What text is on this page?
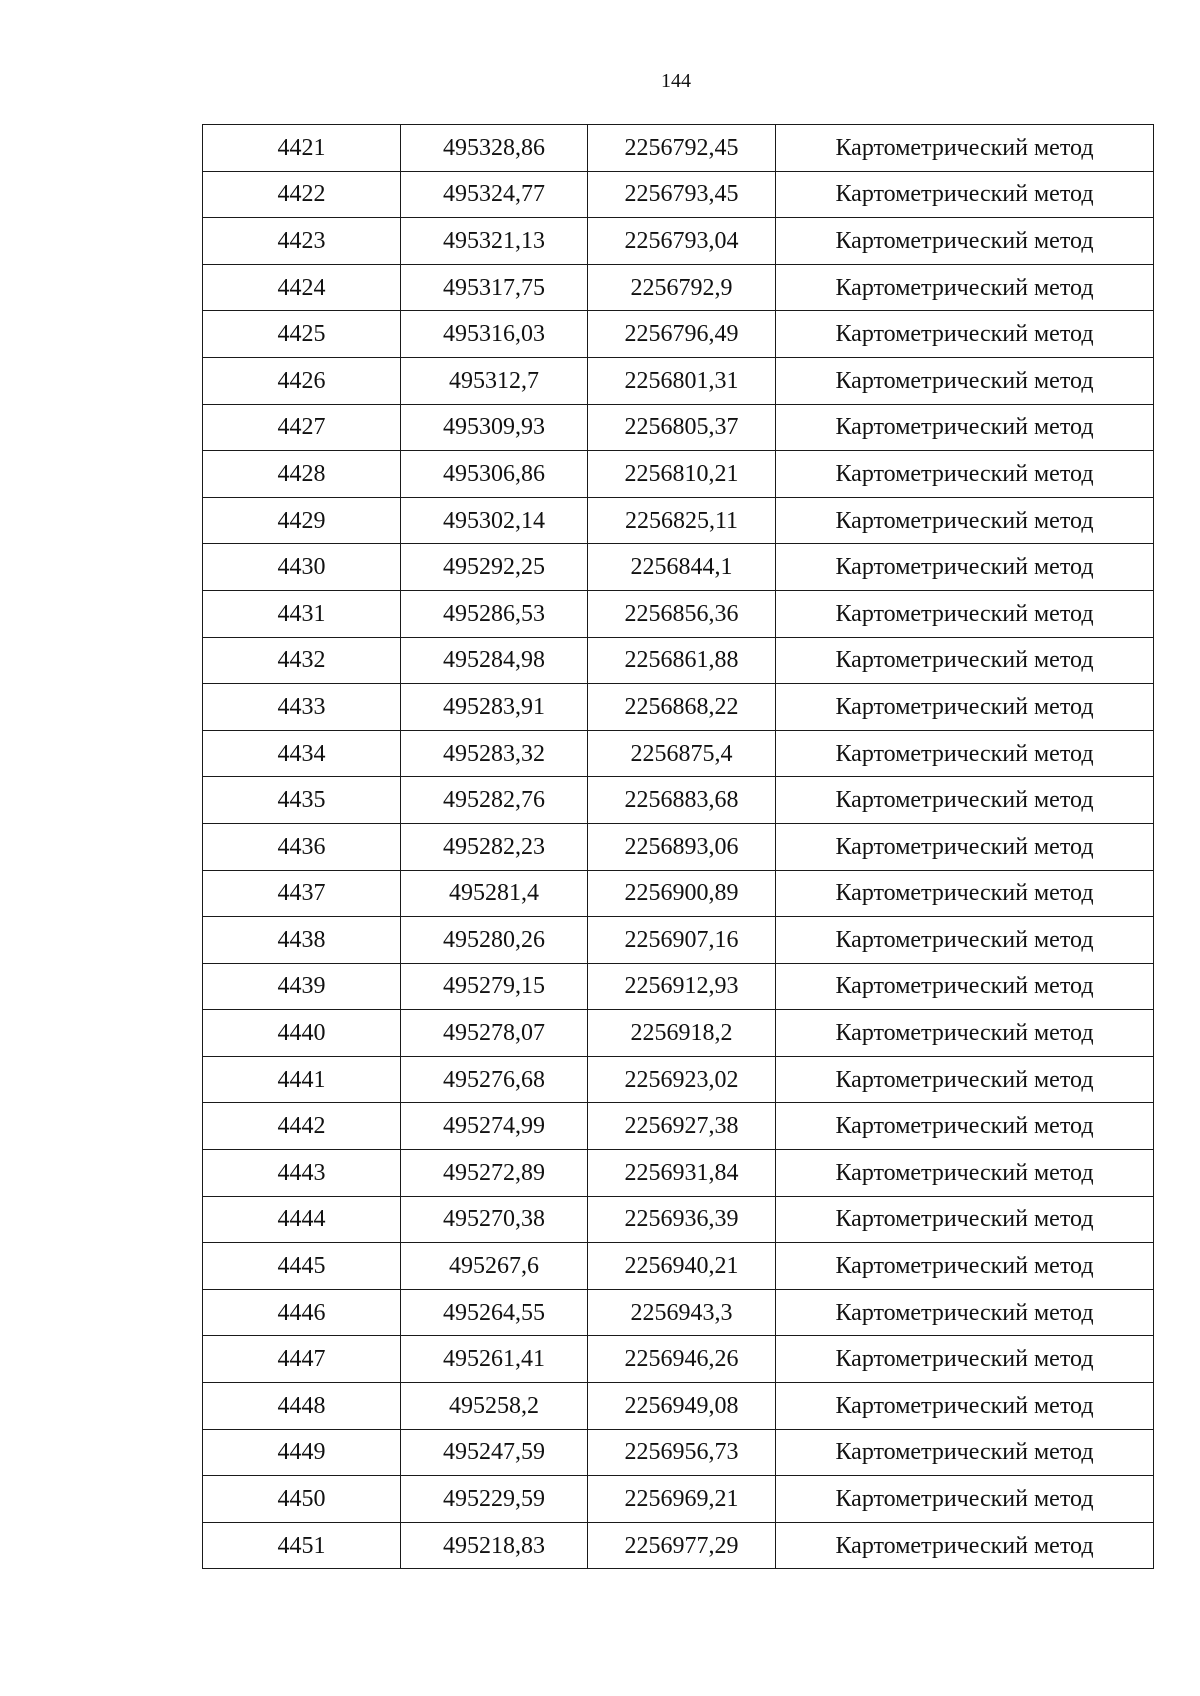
144
4421	495328,86	2256792,45	Картометрический метод
4422	495324,77	2256793,45	Картометрический метод
4423	495321,13	2256793,04	Картометрический метод
4424	495317,75	2256792,9	Картометрический метод
4425	495316,03	2256796,49	Картометрический метод
4426	495312,7	2256801,31	Картометрический метод
4427	495309,93	2256805,37	Картометрический метод
4428	495306,86	2256810,21	Картометрический метод
4429	495302,14	2256825,11	Картометрический метод
4430	495292,25	2256844,1	Картометрический метод
4431	495286,53	2256856,36	Картометрический метод
4432	495284,98	2256861,88	Картометрический метод
4433	495283,91	2256868,22	Картометрический метод
4434	495283,32	2256875,4	Картометрический метод
4435	495282,76	2256883,68	Картометрический метод
4436	495282,23	2256893,06	Картометрический метод
4437	495281,4	2256900,89	Картометрический метод
4438	495280,26	2256907,16	Картометрический метод
4439	495279,15	2256912,93	Картометрический метод
4440	495278,07	2256918,2	Картометрический метод
4441	495276,68	2256923,02	Картометрический метод
4442	495274,99	2256927,38	Картометрический метод
4443	495272,89	2256931,84	Картометрический метод
4444	495270,38	2256936,39	Картометрический метод
4445	495267,6	2256940,21	Картометрический метод
4446	495264,55	2256943,3	Картометрический метод
4447	495261,41	2256946,26	Картометрический метод
4448	495258,2	2256949,08	Картометрический метод
4449	495247,59	2256956,73	Картометрический метод
4450	495229,59	2256969,21	Картометрический метод
4451	495218,83	2256977,29	Картометрический метод
